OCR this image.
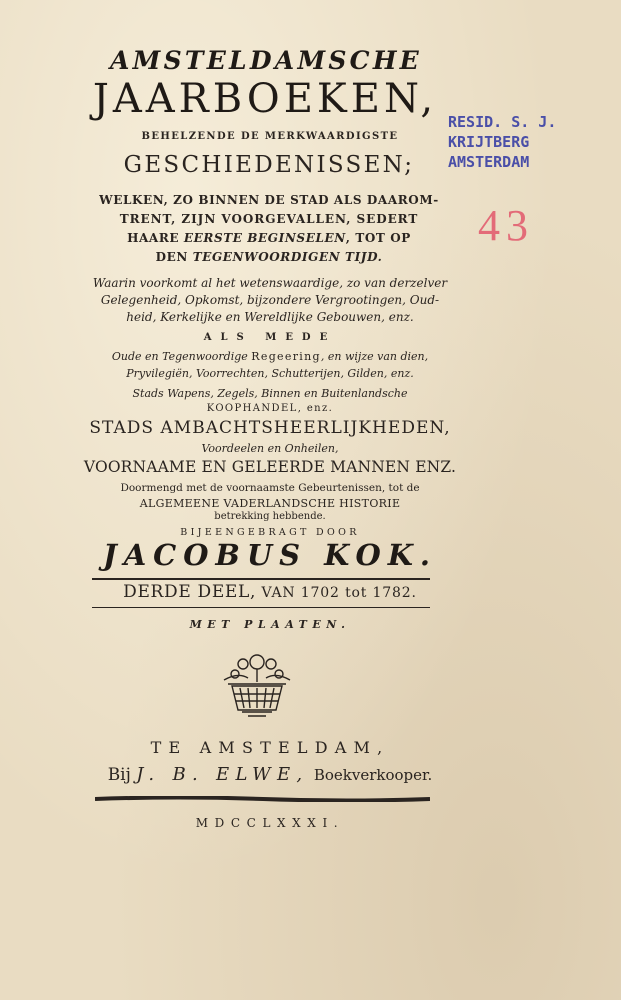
AMSTELDAMSCHE
JAARBOEKEN,
BEHELZENDE DE MERKWAARDIGSTE
GESCHIEDENISSEN;
WELKEN, ZO BINNEN DE STAD ALS DAAROM-
TRENT, ZIJN VOORGEVALLEN, SEDERT
HAARE EERSTE BEGINSELEN, TOT OP
DEN TEGENWOORDIGEN TIJD.
Waarin voorkomt al het wetenswaardige, zo van derzelver
Gelegenheid, Opkomst, bijzondere Vergrootingen, Oud-
heid, Kerkelijke en Wereldlijke Gebouwen, enz.
ALS MEDE
Oude en Tegenwoordige Regeering, en wijze van dien,
Pryvilegiën, Voorrechten, Schutterijen, Gilden, enz.
Stads Wapens, Zegels, Binnen en Buitenlandsche
KOOPHANDEL, enz.
STADS AMBACHTSHEERLIJKHEDEN,
Voordeelen en Onheilen,
VOORNAAME EN GELEERDE MANNEN ENZ.
Doormengd met de voornaamste Gebeurtenissen, tot de
ALGEMEENE VADERLANDSCHE HISTORIE
betrekking hebbende.
BIJEENGEBRAGT DOOR
JACOBUS KOK.
DERDE DEEL, VAN 1702 tot 1782.
MET PLAATEN.
TE AMSTELDAM,
Bij J. B. ELWE, Boekverkooper.
MDCCLXXXI.
RESID. S. J.
KRIJTBERG
AMSTERDAM
43
